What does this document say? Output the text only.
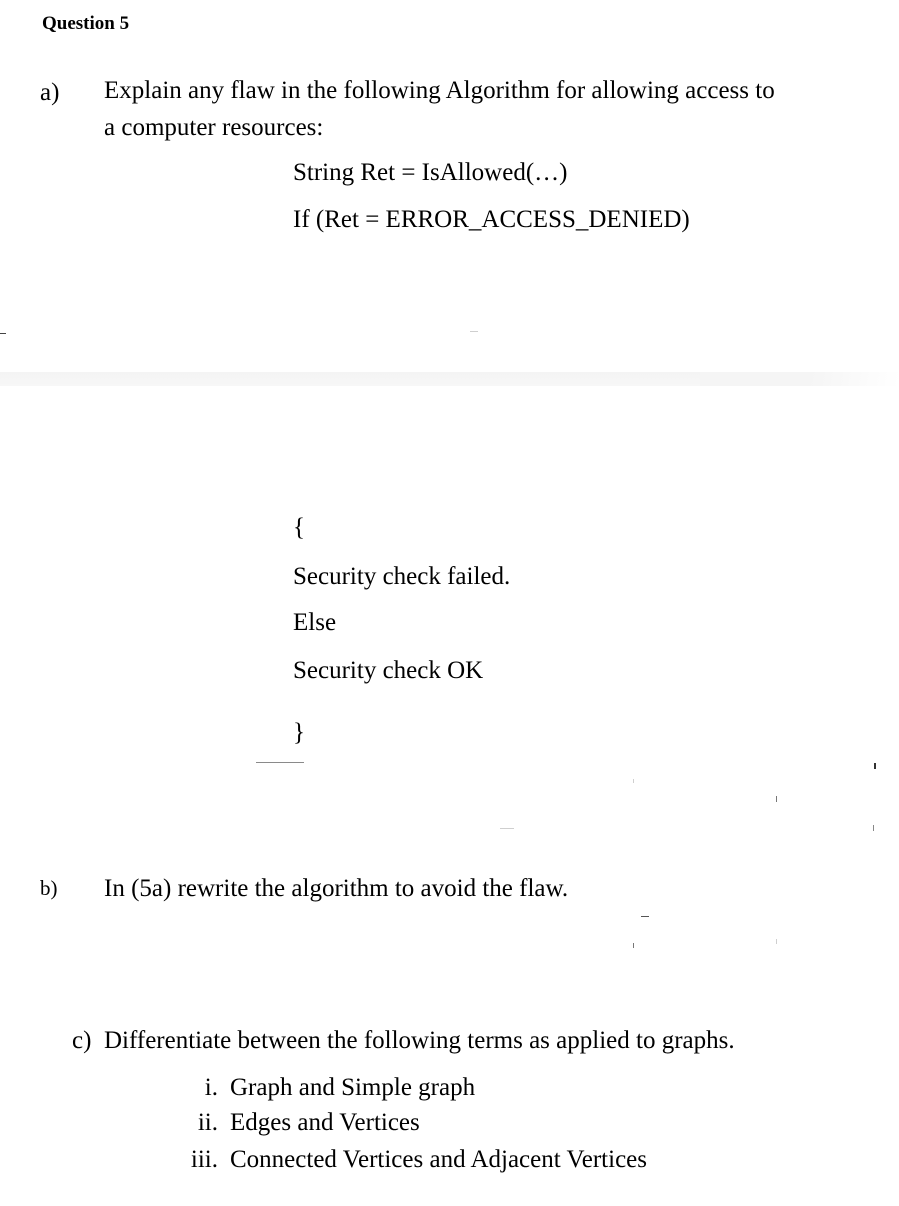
Question 5
a) Explain any flaw in the following Algorithm for allowing access to
a computer resources:
String Ret = IsAllowed(…)
If (Ret = ERROR_ACCESS_DENIED)
{
Security check failed.
Else
Security check OK
}
b) In (5a) rewrite the algorithm to avoid the flaw.
c) Differentiate between the following terms as applied to graphs.
i. Graph and Simple graph
ii. Edges and Vertices
iii. Connected Vertices and Adjacent Vertices
